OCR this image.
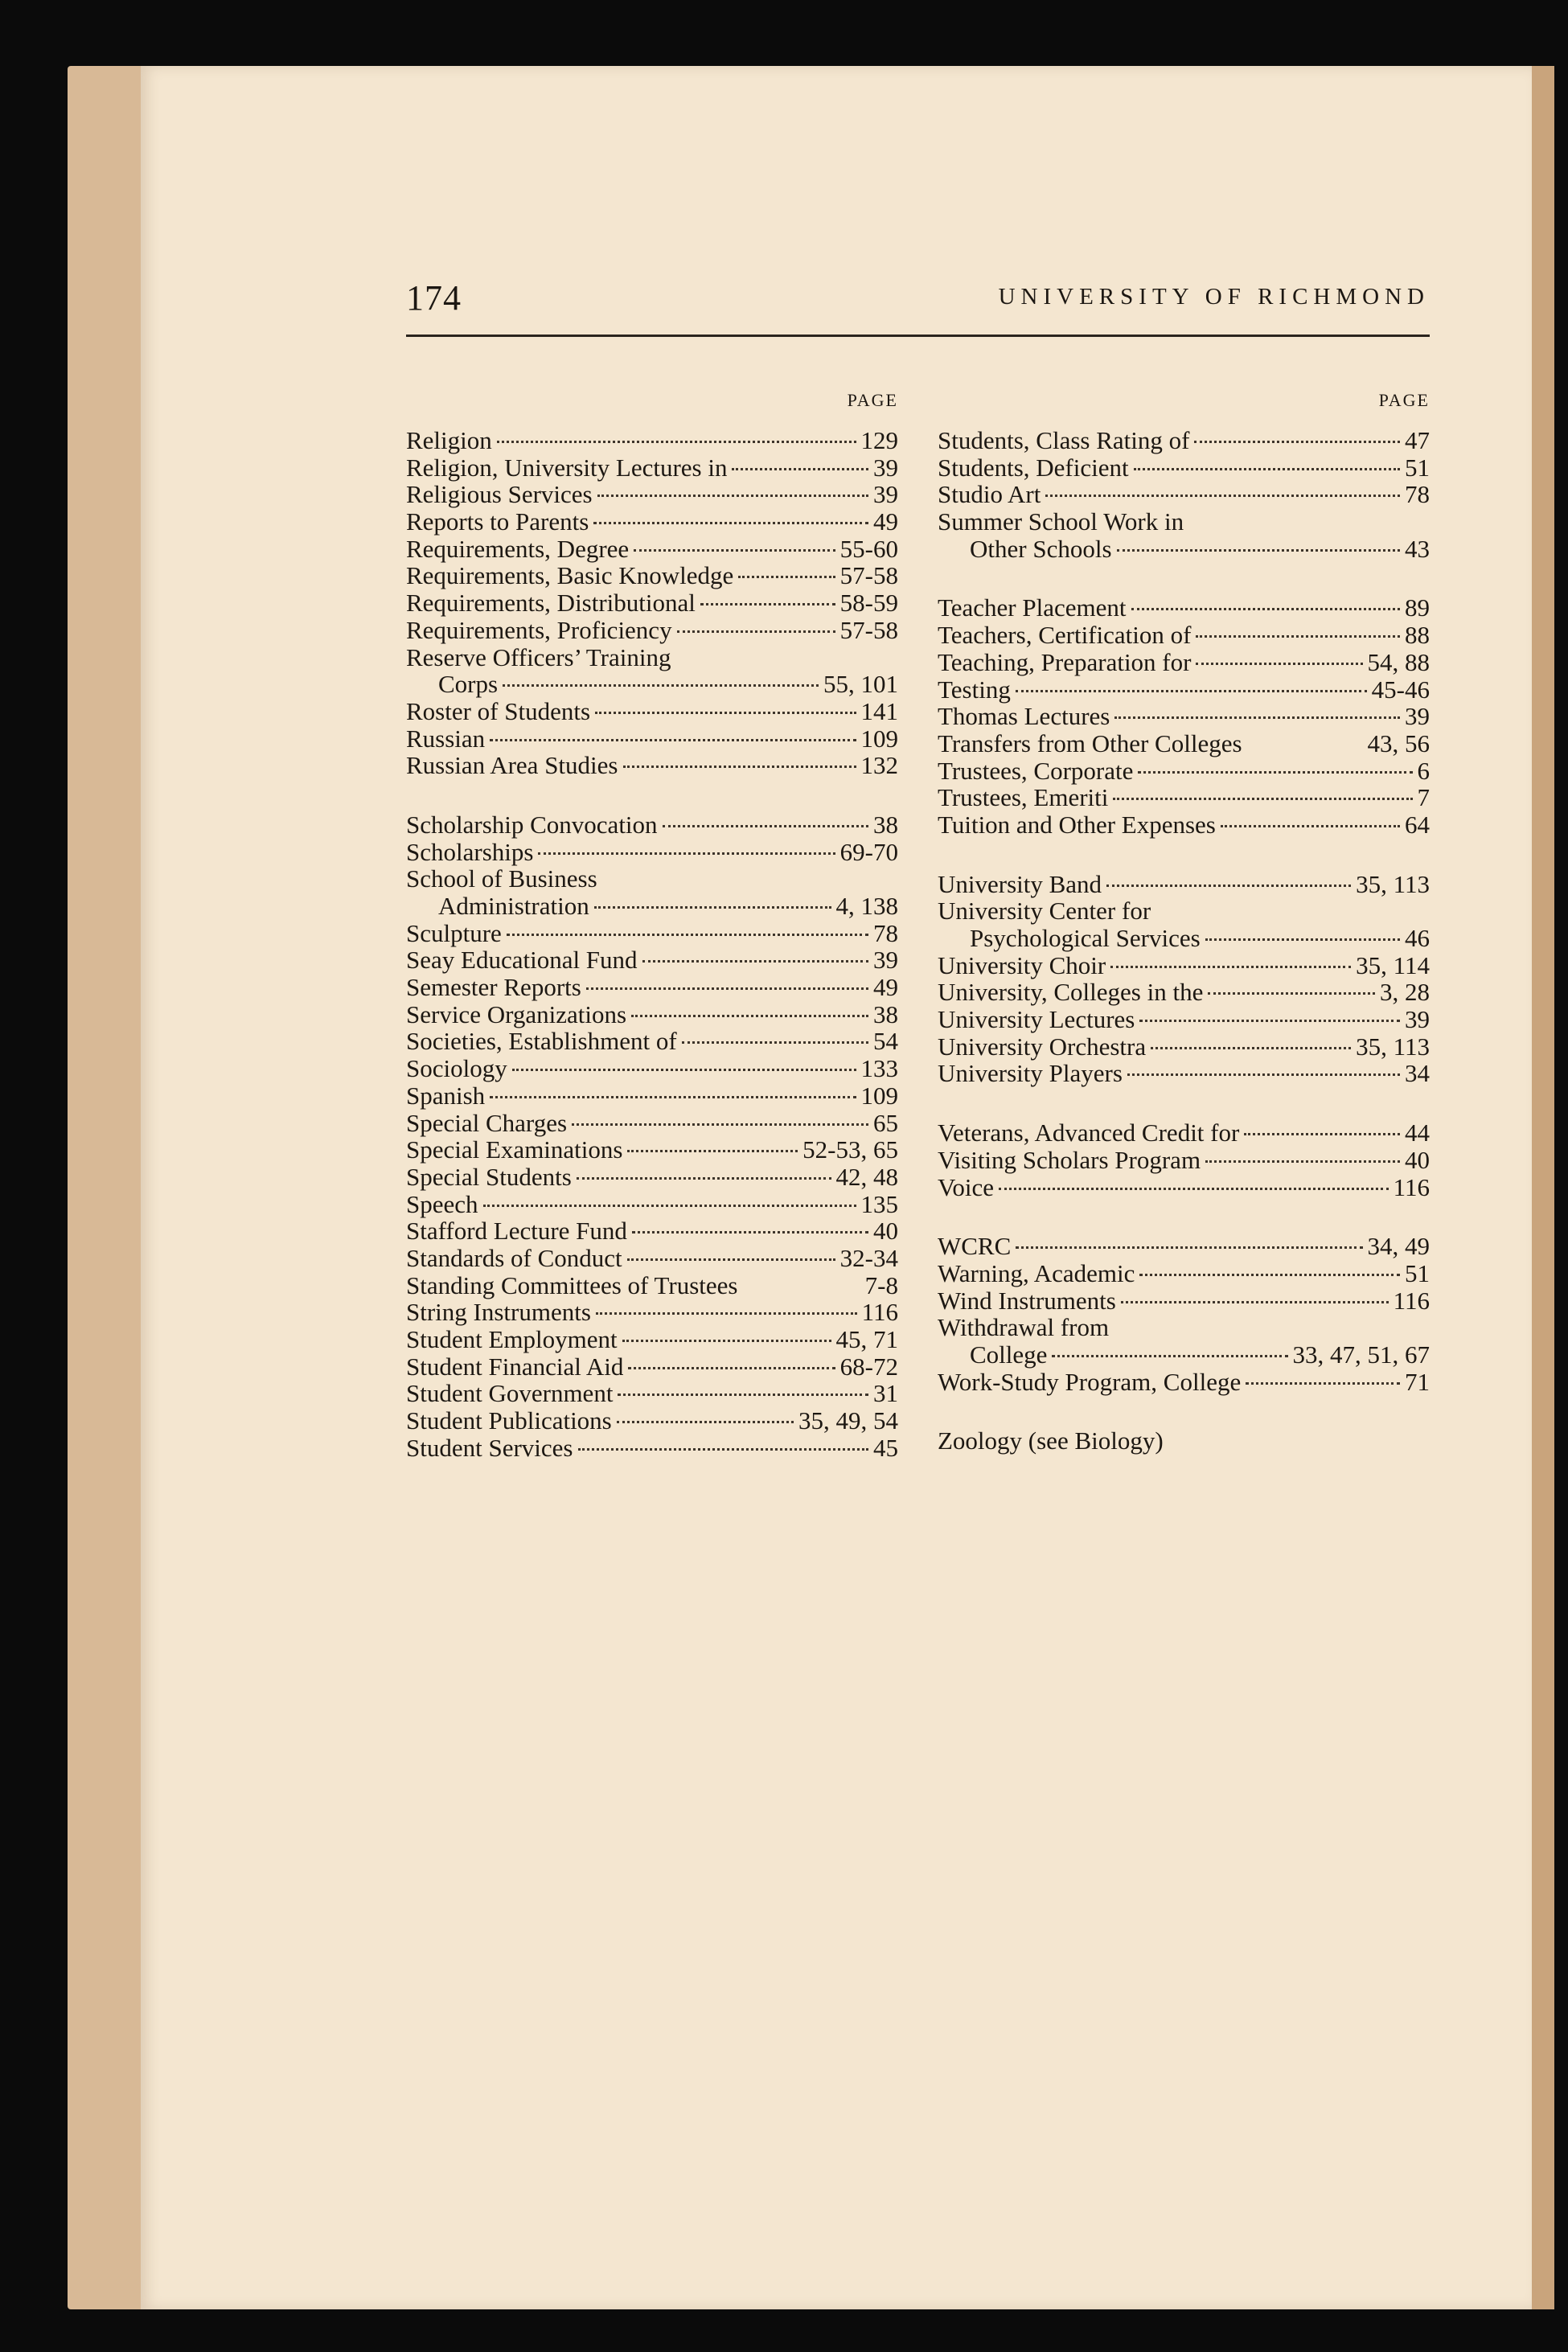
174	UNIVERSITY OF RICHMOND
PAGE
Religion	129
Religion, University Lectures in	39
Religious Services	39
Reports to Parents	49
Requirements, Degree	55-60
Requirements, Basic Knowledge	57-58
Requirements, Distributional	58-59
Requirements, Proficiency	57-58
Reserve Officers’ Training
Corps	55, 101
Roster of Students	141
Russian	109
Russian Area Studies	132
Scholarship Convocation	38
Scholarships	69-70
School of Business
Administration	4, 138
Sculpture	78
Seay Educational Fund	39
Semester Reports	49
Service Organizations	38
Societies, Establishment of	54
Sociology	133
Spanish	109
Special Charges	65
Special Examinations	52-53, 65
Special Students	42, 48
Speech	135
Stafford Lecture Fund	40
Standards of Conduct	32-34
Standing Committees of Trustees	7-8
String Instruments	116
Student Employment	45, 71
Student Financial Aid	68-72
Student Government	31
Student Publications	35, 49, 54
Student Services	45
PAGE
Students, Class Rating of	47
Students, Deficient	51
Studio Art	78
Summer School Work in
Other Schools	43
Teacher Placement	89
Teachers, Certification of	88
Teaching, Preparation for	54, 88
Testing	45-46
Thomas Lectures	39
Transfers from Other Colleges	43, 56
Trustees, Corporate	6
Trustees, Emeriti	7
Tuition and Other Expenses	64
University Band	35, 113
University Center for
Psychological Services	46
University Choir	35, 114
University, Colleges in the	3, 28
University Lectures	39
University Orchestra	35, 113
University Players	34
Veterans, Advanced Credit for	44
Visiting Scholars Program	40
Voice	116
WCRC	34, 49
Warning, Academic	51
Wind Instruments	116
Withdrawal from
College	33, 47, 51, 67
Work-Study Program, College	71
Zoology (see Biology)
